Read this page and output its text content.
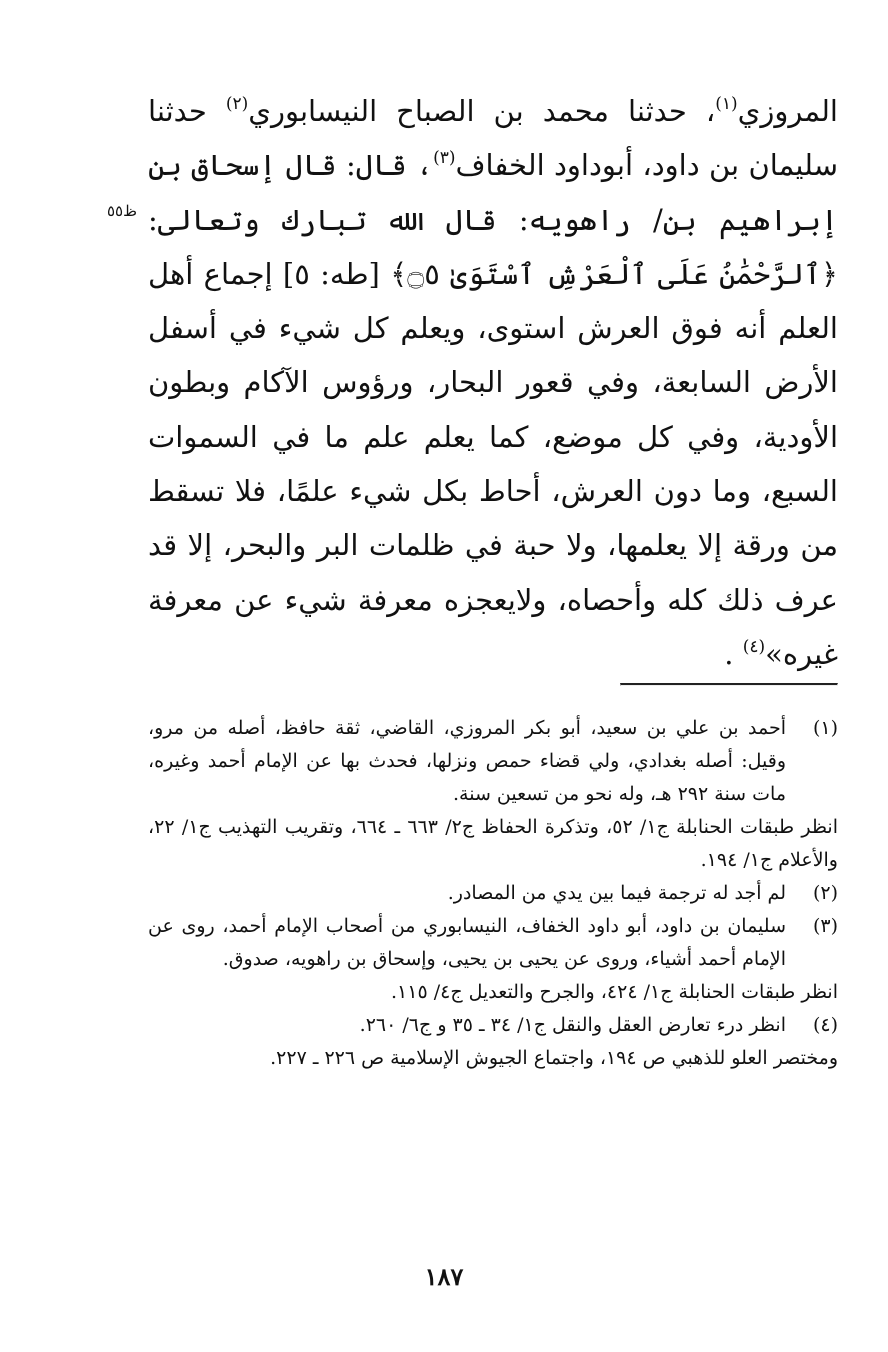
المروزي$^{(١)}$، حدثنا محمد بن الصباح النيسابوري$^{(٢)}$ حدثنا سليمان بن داود، أبوداود الخفاف$^{(٣)}$، قال: قال إسحاق بن إبراهيم بن/ راهويه: قال الله تبارك وتعالى: ﴿ٱلرَّحْمَٰنُ عَلَى ٱلْعَرْشِ ٱسْتَوَىٰ ۝٥﴾ [طه: ٥] إجماع أهل العلم أنه فوق العرش استوى، ويعلم كل شيء في أسفل الأرض السابعة، وفي قعور البحار، ورؤوس الآكام وبطون الأودية، وفي كل موضع، كما يعلم علم ما في السموات السبع، وما دون العرش، أحاط بكل شيء علمًا، فلا تسقط من ورقة إلا يعلمها، ولا حبة في ظلمات البر والبحر، إلا قد عرف ذلك كله وأحصاه، ولايعجزه معرفة شيء عن معرفة غيره»$^{(٤)}$ .

ظ٥٥
(١)

أحمد بن علي بن سعيد، أبو بكر المروزي، القاضي، ثقة حافظ، أصله من مرو، وقيل: أصله بغدادي، ولي قضاء حمص ونزلها، فحدث بها عن الإمام أحمد وغيره، مات سنة ٢٩٢ هـ، وله نحو من تسعين سنة.

انظر طبقات الحنابلة ج١/ ٥٢، وتذكرة الحفاظ ج٢/ ٦٦٣ ـ ٦٦٤، وتقريب التهذيب ج١/ ٢٢، والأعلام ج١/ ١٩٤.

(٢)

لم أجد له ترجمة فيما بين يدي من المصادر.

(٣)

سليمان بن داود، أبو داود الخفاف، النيسابوري من أصحاب الإمام أحمد، روى عن الإمام أحمد أشياء، وروى عن يحيى بن يحيى، وإسحاق بن راهويه، صدوق.

انظر طبقات الحنابلة ج١/ ٤٢٤، والجرح والتعديل ج٤/ ١١٥.

(٤)

انظر درء تعارض العقل والنقل ج١/ ٣٤ ـ ٣٥ و ج٦/ ٢٦٠.

ومختصر العلو للذهبي ص ١٩٤، واجتماع الجيوش الإسلامية ص ٢٢٦ ـ ٢٢٧.

١٨٧
